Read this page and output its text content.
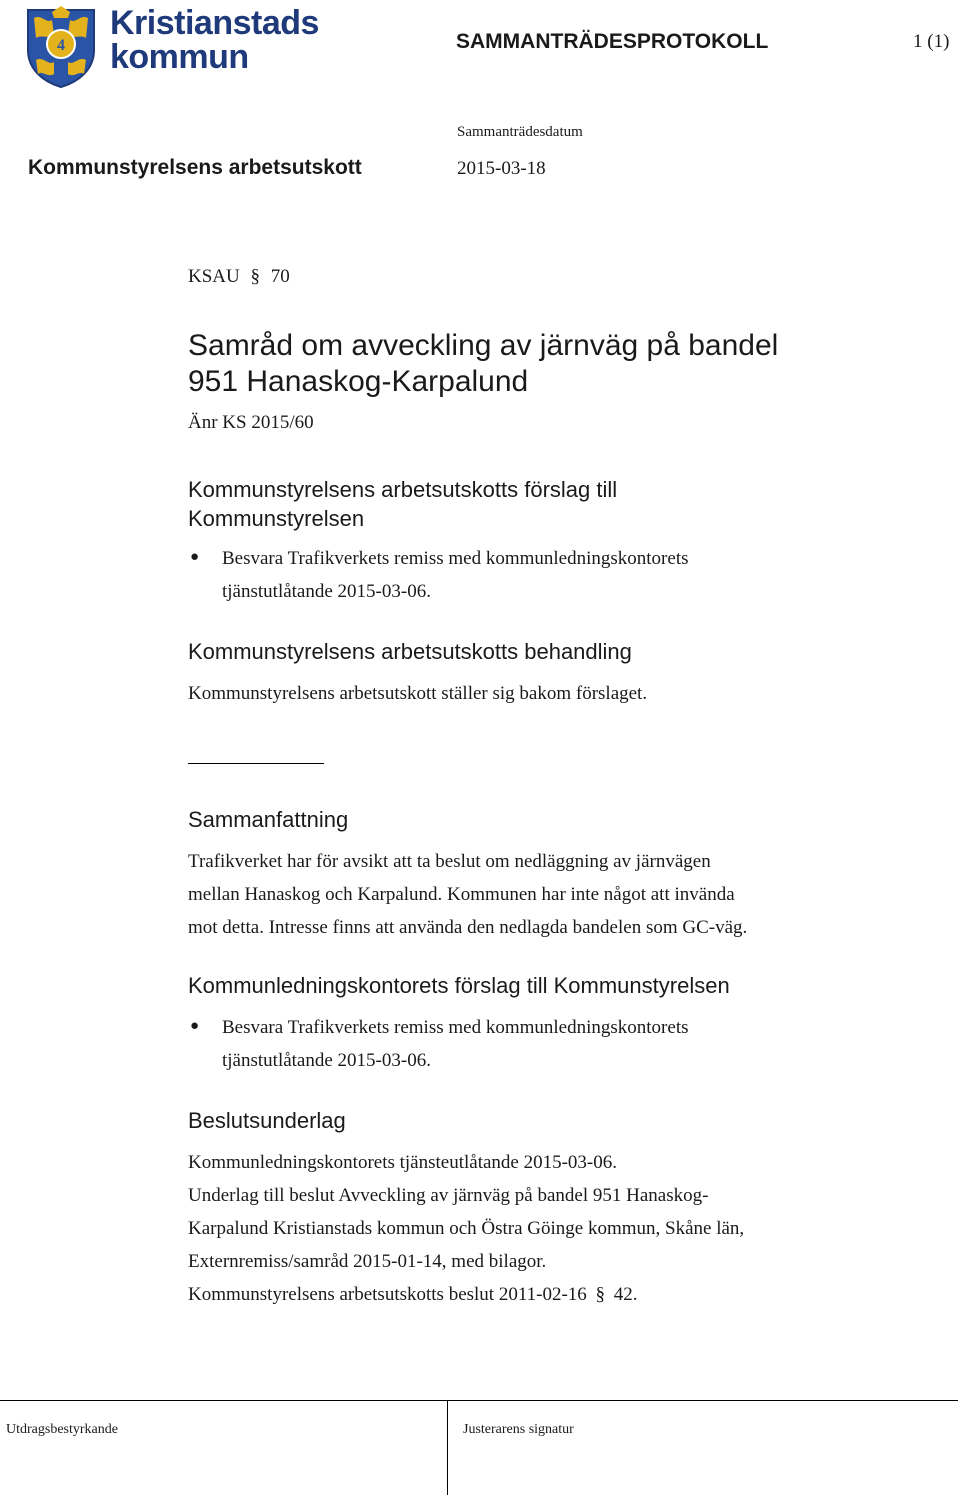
4
Kristianstads
kommun	SAMMANTRÄDESPROTOKOLL	1 (1)
Kommunstyrelsens arbetsutskott
Sammanträdesdatum
2015-03-18
KSAU § 70
Samråd om avveckling av järnväg på bandel
951 Hanaskog-Karpalund
Änr KS 2015/60
Kommunstyrelsens arbetsutskotts förslag till
Kommunstyrelsen
● Besvara Trafikverkets remiss med kommunledningskontorets
tjänstutlåtande 2015-03-06.
Kommunstyrelsens arbetsutskotts behandling
Kommunstyrelsens arbetsutskott ställer sig bakom förslaget.
Sammanfattning
Trafikverket har för avsikt att ta beslut om nedläggning av järnvägen
mellan Hanaskog och Karpalund. Kommunen har inte något att invända
mot detta. Intresse finns att använda den nedlagda bandelen som GC-väg.
Kommunledningskontorets förslag till Kommunstyrelsen
● Besvara Trafikverkets remiss med kommunledningskontorets
tjänstutlåtande 2015-03-06.
Beslutsunderlag
Kommunledningskontorets tjänsteutlåtande 2015-03-06.
Underlag till beslut Avveckling av järnväg på bandel 951 Hanaskog-
Karpalund Kristianstads kommun och Östra Göinge kommun, Skåne län,
Externremiss/samråd 2015-01-14, med bilagor.
Kommunstyrelsens arbetsutskotts beslut 2011-02-16 § 42.
Utdragsbestyrkande	Justerarens signatur
